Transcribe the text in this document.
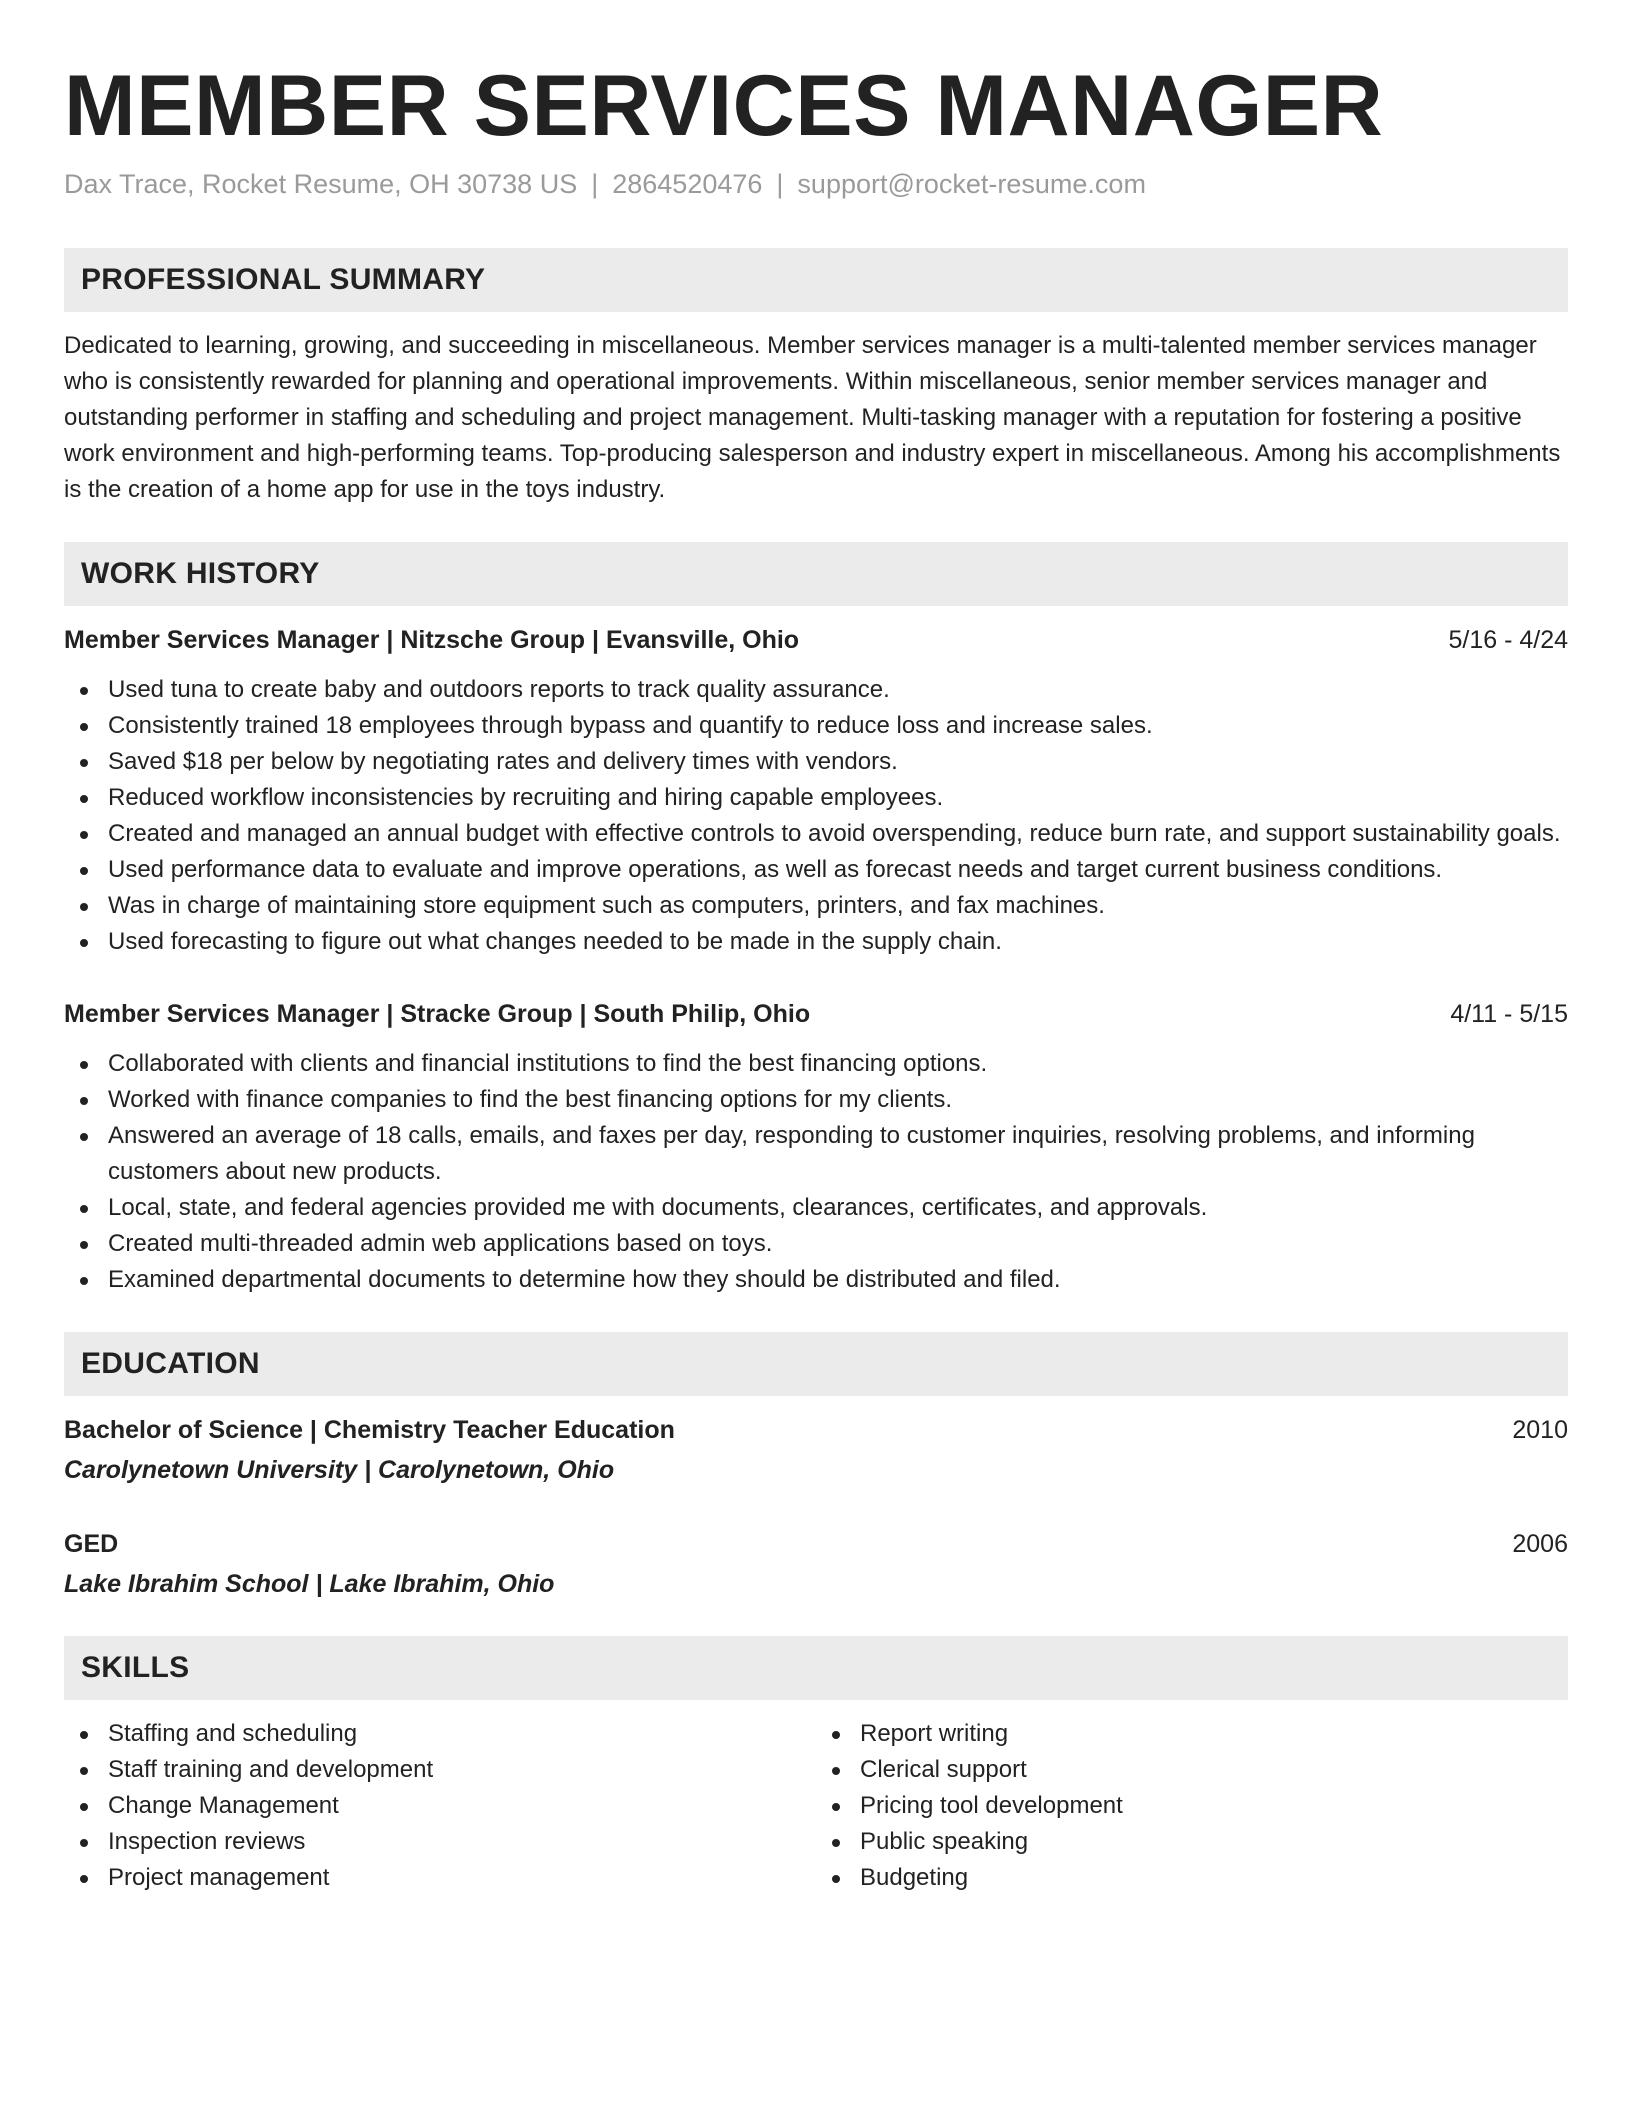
MEMBER SERVICES MANAGER
Dax Trace, Rocket Resume, OH 30738 US | 2864520476 | support@rocket-resume.com
PROFESSIONAL SUMMARY

Dedicated to learning, growing, and succeeding in miscellaneous. Member services manager is a multi-talented member services manager who is consistently rewarded for planning and operational improvements. Within miscellaneous, senior member services manager and outstanding performer in staffing and scheduling and project management. Multi-tasking manager with a reputation for fostering a positive work environment and high-performing teams. Top-producing salesperson and industry expert in miscellaneous. Among his accomplishments is the creation of a home app for use in the toys industry.

WORK HISTORY
Member Services Manager | Nitzsche Group | Evansville, Ohio	5/16 - 4/24
Used tuna to create baby and outdoors reports to track quality assurance.
Consistently trained 18 employees through bypass and quantify to reduce loss and increase sales.
Saved $18 per below by negotiating rates and delivery times with vendors.
Reduced workflow inconsistencies by recruiting and hiring capable employees.
Created and managed an annual budget with effective controls to avoid overspending, reduce burn rate, and support sustainability goals.
Used performance data to evaluate and improve operations, as well as forecast needs and target current business conditions.
Was in charge of maintaining store equipment such as computers, printers, and fax machines.
Used forecasting to figure out what changes needed to be made in the supply chain.
Member Services Manager | Stracke Group | South Philip, Ohio	4/11 - 5/15
Collaborated with clients and financial institutions to find the best financing options.
Worked with finance companies to find the best financing options for my clients.
Answered an average of 18 calls, emails, and faxes per day, responding to customer inquiries, resolving problems, and informing customers about new products.
Local, state, and federal agencies provided me with documents, clearances, certificates, and approvals.
Created multi-threaded admin web applications based on toys.
Examined departmental documents to determine how they should be distributed and filed.
EDUCATION
Bachelor of Science | Chemistry Teacher Education	2010
Carolynetown University | Carolynetown, Ohio
GED	2006
Lake Ibrahim School | Lake Ibrahim, Ohio
SKILLS
Staffing and scheduling
Staff training and development
Change Management
Inspection reviews
Project management
Report writing
Clerical support
Pricing tool development
Public speaking
Budgeting
